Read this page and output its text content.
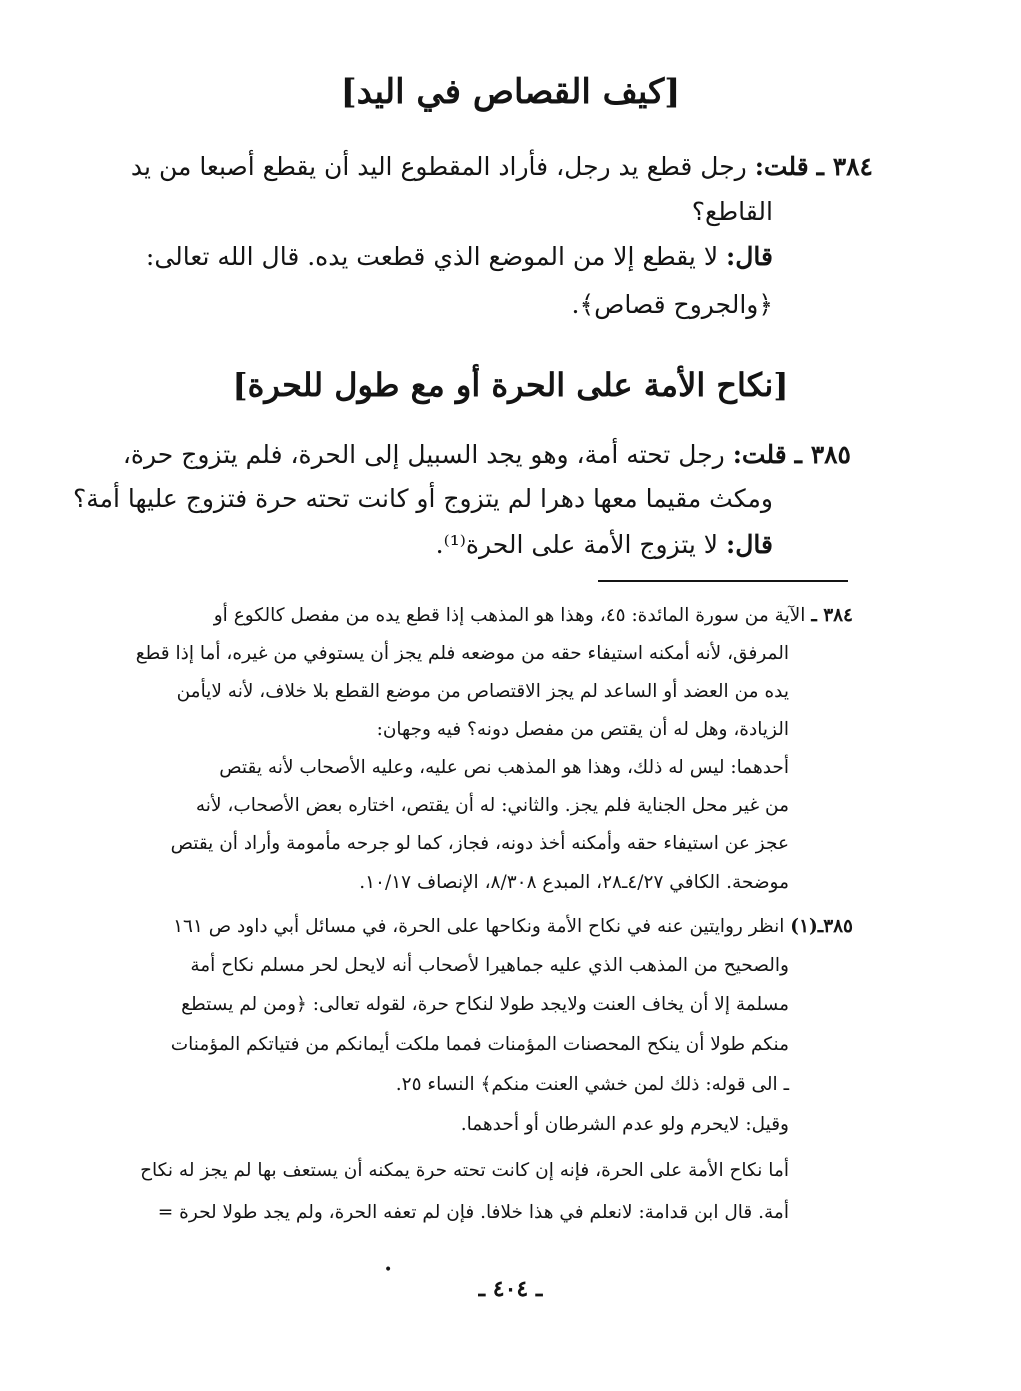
[كيف القصاص في اليد]
٣٨٤ ـ قلت: رجل قطع يد رجل، فأراد المقطوع اليد أن يقطع أصبعا من يد
القاطع؟
قال: لا يقطع إلا من الموضع الذي قطعت يده. قال الله تعالى:
﴿والجروح قصاص﴾.
[نكاح الأمة على الحرة أو مع طول للحرة]
٣٨٥ ـ قلت: رجل تحته أمة، وهو يجد السبيل إلى الحرة، فلم يتزوج حرة،
ومكث مقيما معها دهرا لم يتزوج أو كانت تحته حرة فتزوج عليها أمة؟
قال: لا يتزوج الأمة على الحرة⁽¹⁾.
٣٨٤ ـ الآية من سورة المائدة: ٤٥، وهذا هو المذهب إذا قطع يده من مفصل كالكوع أو
المرفق، لأنه أمكنه استيفاء حقه من موضعه فلم يجز أن يستوفي من غيره، أما إذا قطع
يده من العضد أو الساعد لم يجز الاقتصاص من موضع القطع بلا خلاف، لأنه لايأمن
الزيادة، وهل له أن يقتص من مفصل دونه؟ فيه وجهان:
أحدهما: ليس له ذلك، وهذا هو المذهب نص عليه، وعليه الأصحاب لأنه يقتص
من غير محل الجناية فلم يجز. والثاني: له أن يقتص، اختاره بعض الأصحاب، لأنه
عجز عن استيفاء حقه وأمكنه أخذ دونه، فجاز، كما لو جرحه مأمومة وأراد أن يقتص
موضحة. الكافي ٤/٢٧ـ٢٨، المبدع ٨/٣٠٨، الإنصاف ١٠/١٧.
٣٨٥ـ(١) انظر روايتين عنه في نكاح الأمة ونكاحها على الحرة، في مسائل أبي داود ص ١٦١
والصحيح من المذهب الذي عليه جماهيرا لأصحاب أنه لايحل لحر مسلم نكاح أمة
مسلمة إلا أن يخاف العنت ولايجد طولا لنكاح حرة، لقوله تعالى: ﴿ومن لم يستطع
منكم طولا أن ينكح المحصنات المؤمنات فمما ملكت أيمانكم من فتياتكم المؤمنات
ـ الى قوله: ذلك لمن خشي العنت منكم﴾ النساء ٢٥.
وقيل: لايحرم ولو عدم الشرطان أو أحدهما.
أما نكاح الأمة على الحرة، فإنه إن كانت تحته حرة يمكنه أن يستعف بها لم يجز له نكاح
أمة. قال ابن قدامة: لانعلم في هذا خلافا. فإن لم تعفه الحرة، ولم يجد طولا لحرة =
•
ـ ٤٠٤ ـ
